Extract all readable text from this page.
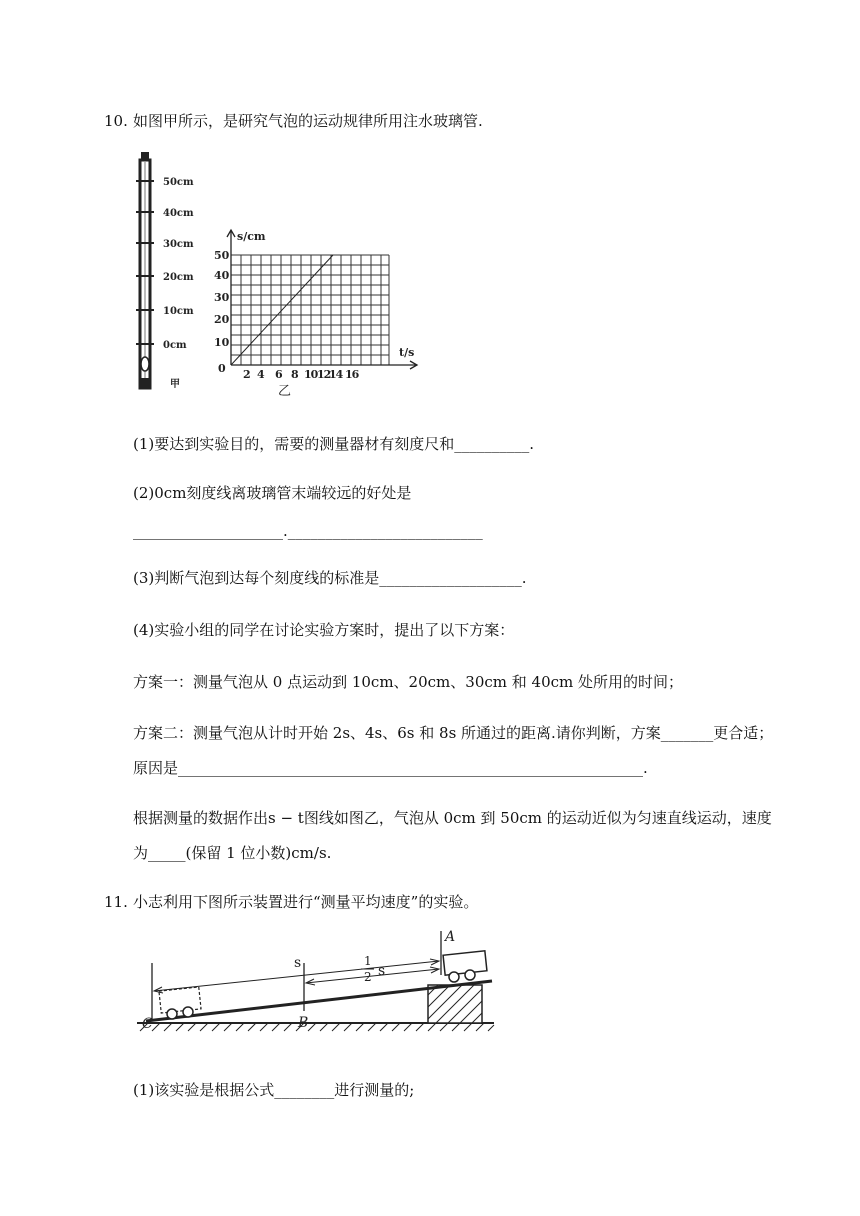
10. 如图甲所示，是研究气泡的运动规律所用注水玻璃管.
50cm
40cm
30cm
20cm
10cm
0cm
甲
s/cm
t/s
0
50
40
30
20
10
2 4 6 8 10 12
14 16
乙
(1)要达到实验目的，需要的测量器材有刻度尺和__________.
(2)0cm刻度线离玻璃管末端较远的好处是
____________________.__________________________
(3)判断气泡到达每个刻度线的标准是___________________.
(4)实验小组的同学在讨论实验方案时，提出了以下方案：
方案一：测量气泡从 0 点运动到 10cm、20cm、30cm 和 40cm 处所用的时间；
方案二：测量气泡从计时开始 2s、4s、6s 和 8s 所通过的距离.请你判断，方案_______更合适；
原因是______________________________________________________________.
根据测量的数据作出s − t图线如图乙，气泡从 0cm 到 50cm 的运动近似为匀速直线运动，速度
为_____(保留 1 位小数)cm/s.
11. 小志利用下图所示装置进行“测量平均速度”的实验。
A
B
C
s	1
2 s
(1)该实验是根据公式________进行测量的;
